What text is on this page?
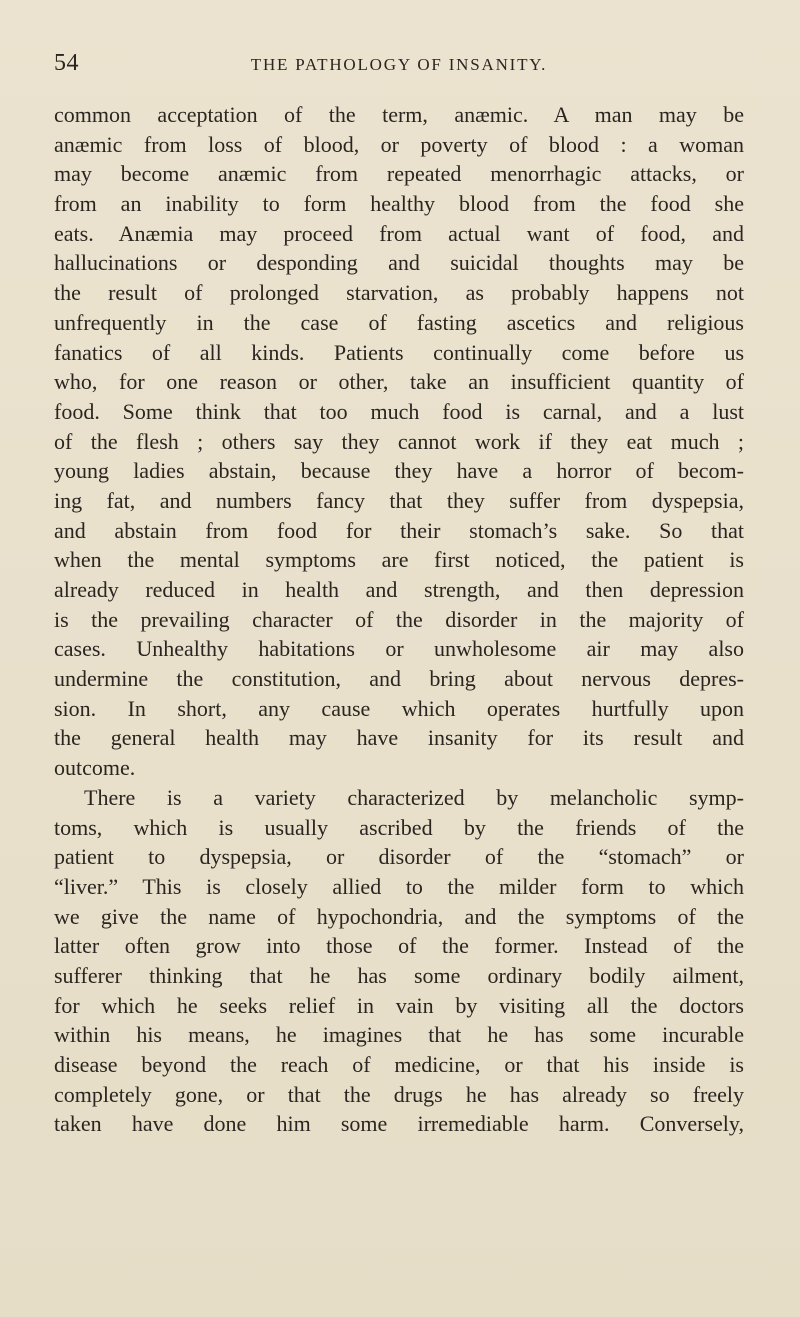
54	THE PATHOLOGY OF INSANITY.
common acceptation of the term, anæmic. A man may be
anæmic from loss of blood, or poverty of blood : a woman
may become anæmic from repeated menorrhagic attacks, or
from an inability to form healthy blood from the food she
eats. Anæmia may proceed from actual want of food, and
hallucinations or desponding and suicidal thoughts may be
the result of prolonged starvation, as probably happens not
unfrequently in the case of fasting ascetics and religious
fanatics of all kinds. Patients continually come before us
who, for one reason or other, take an insufficient quantity of
food. Some think that too much food is carnal, and a lust
of the flesh ; others say they cannot work if they eat much ;
young ladies abstain, because they have a horror of becom-
ing fat, and numbers fancy that they suffer from dyspepsia,
and abstain from food for their stomach’s sake. So that
when the mental symptoms are first noticed, the patient is
already reduced in health and strength, and then depression
is the prevailing character of the disorder in the majority of
cases. Unhealthy habitations or unwholesome air may also
undermine the constitution, and bring about nervous depres-
sion. In short, any cause which operates hurtfully upon
the general health may have insanity for its result and
outcome.
There is a variety characterized by melancholic symp-
toms, which is usually ascribed by the friends of the
patient to dyspepsia, or disorder of the “stomach” or
“liver.” This is closely allied to the milder form to which
we give the name of hypochondria, and the symptoms of the
latter often grow into those of the former. Instead of the
sufferer thinking that he has some ordinary bodily ailment,
for which he seeks relief in vain by visiting all the doctors
within his means, he imagines that he has some incurable
disease beyond the reach of medicine, or that his inside is
completely gone, or that the drugs he has already so freely
taken have done him some irremediable harm. Conversely,
